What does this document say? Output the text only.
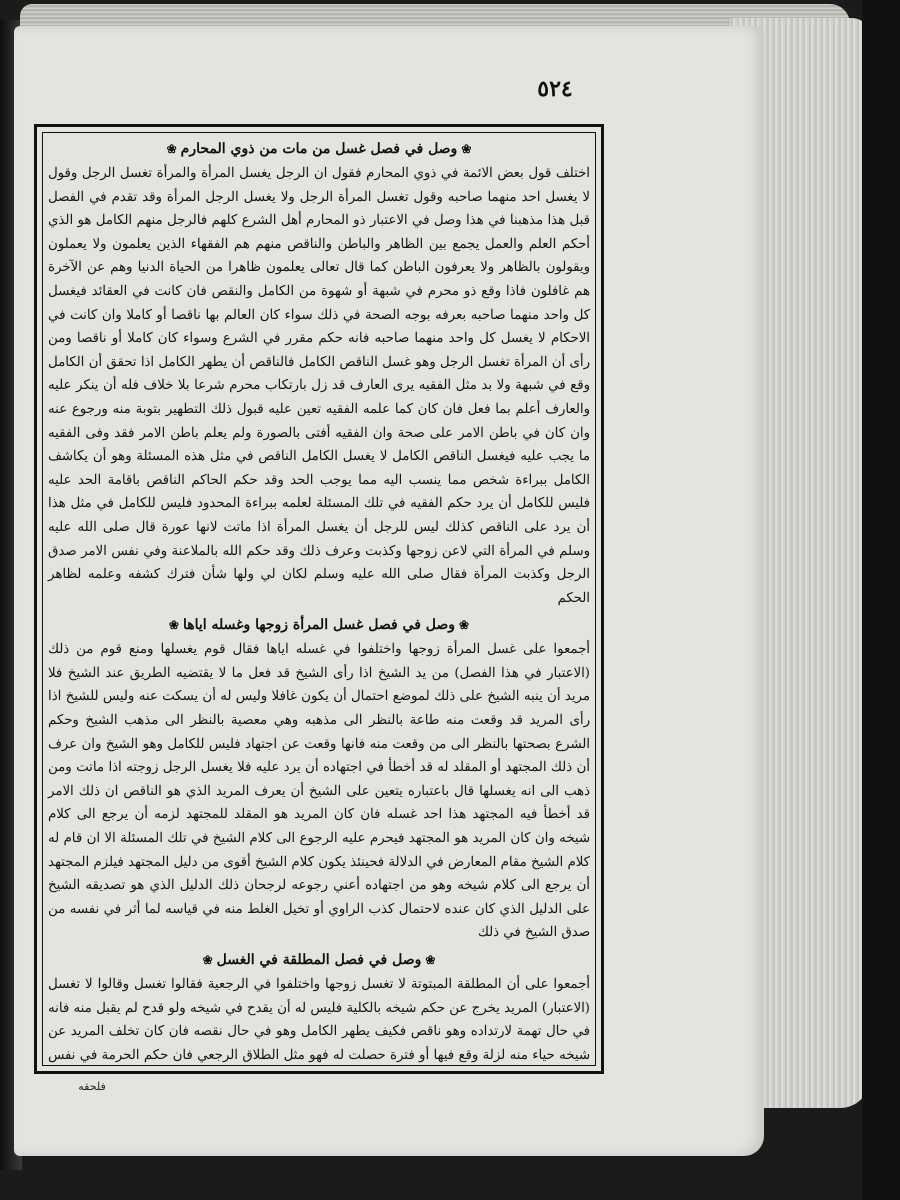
٥٢٤
❀وصل في فصل غسل من مات من ذوي المحارم❀

اختلف قول بعض الائمة في ذوي المحارم فقول ان الرجل يغسل المرأة والمرأة تغسل الرجل وقول لا يغسل احد منهما صاحبه وقول تغسل المرأة الرجل ولا يغسل الرجل المرأة وقد تقدم في الفصل قبل هذا مذهبنا في هذا وصل في الاعتبار ذو المحارم أهل الشرع كلهم فالرجل منهم الكامل هو الذي أحكم العلم والعمل يجمع بين الظاهر والباطن والناقص منهم هم الفقهاء الذين يعلمون ولا يعملون ويقولون بالظاهر ولا يعرفون الباطن كما قال تعالى يعلمون ظاهرا من الحياة الدنيا وهم عن الآخرة هم غافلون فاذا وقع ذو محرم في شبهة أو شهوة من الكامل والنقص فان كانت في العقائد فيغسل كل واحد منهما صاحبه بعرفه بوجه الصحة في ذلك سواء كان العالم بها ناقصا أو كاملا وان كانت في الاحكام لا يغسل كل واحد منهما صاحبه فانه حكم مقرر في الشرع وسواء كان كاملا أو ناقصا ومن رأى أن المرأة تغسل الرجل وهو غسل الناقص الكامل فالناقص أن يطهر الكامل اذا تحقق أن الكامل وقع في شبهة ولا بد مثل الفقيه يرى العارف قد زل بارتكاب محرم شرعا بلا خلاف فله أن ينكر عليه والعارف أعلم بما فعل فان كان كما علمه الفقيه تعين عليه قبول ذلك التطهير بتوبة منه ورجوع عنه وان كان في باطن الامر على صحة وان الفقيه أفتى بالصورة ولم يعلم باطن الامر فقد وفى الفقيه ما يجب عليه فيغسل الناقص الكامل لا يغسل الكامل الناقص في مثل هذه المسئلة وهو أن يكاشف الكامل ببراءة شخص مما ينسب اليه مما يوجب الحد وقد حكم الحاكم الناقص باقامة الحد عليه فليس للكامل أن يرد حكم الفقيه في تلك المسئلة لعلمه ببراءة المحدود فليس للكامل في مثل هذا أن يرد على الناقص كذلك ليس للرجل أن يغسل المرأة اذا ماتت لانها عورة قال صلى الله عليه وسلم في المرأة التي لاعن زوجها وكذبت وعرف ذلك وقد حكم الله بالملاعنة وفي نفس الامر صدق الرجل وكذبت المرأة فقال صلى الله عليه وسلم لكان لي ولها شأن فترك كشفه وعلمه لظاهر الحكم

❀وصل في فصل غسل المرأة زوجها وغسله اياها❀

أجمعوا على غسل المرأة زوجها واختلفوا في غسله اياها فقال قوم يغسلها ومنع قوم من ذلك (الاعتبار في هذا الفصل) من يد الشيخ اذا رأى الشيخ قد فعل ما لا يقتضيه الطريق عند الشيخ فلا مريد أن ينبه الشيخ على ذلك لموضع احتمال أن يكون غافلا وليس له أن يسكت عنه وليس للشيخ اذا رأى المريد قد وقعت منه طاعة بالنظر الى مذهبه وهي معصية بالنظر الى مذهب الشيخ وحكم الشرع بصحتها بالنظر الى من وقعت منه فانها وقعت عن اجتهاد فليس للكامل وهو الشيخ وان عرف أن ذلك المجتهد أو المقلد له قد أخطأ في اجتهاده أن يرد عليه فلا يغسل الرجل زوجته اذا ماتت ومن ذهب الى انه يغسلها قال باعتباره يتعين على الشيخ أن يعرف المريد الذي هو الناقص ان ذلك الامر قد أخطأ فيه المجتهد هذا احد غسله فان كان المريد هو المقلد للمجتهد لزمه أن يرجع الى كلام شيخه وان كان المريد هو المجتهد فيحرم عليه الرجوع الى كلام الشيخ في تلك المسئلة الا ان قام له كلام الشيخ مقام المعارض في الدلالة فحينئذ يكون كلام الشيخ أقوى من دليل المجتهد فيلزم المجتهد أن يرجع الى كلام شيخه وهو من اجتهاده أعني رجوعه لرجحان ذلك الدليل الذي هو تصديقه الشيخ على الدليل الذي كان عنده لاحتمال كذب الراوي أو تخيل الغلط منه في قياسه لما أثر في نفسه من صدق الشيخ في ذلك

❀وصل في فصل المطلقة في الغسل❀

أجمعوا على أن المطلقة المبتوتة لا تغسل زوجها واختلفوا في الرجعية فقالوا تغسل وقالوا لا تغسل (الاعتبار) المريد يخرج عن حكم شيخه بالكلية فليس له أن يقدح في شيخه ولو قدح لم يقبل منه فانه في حال تهمة لارتداده وهو ناقص فكيف يطهر الكامل وهو في حال نقصه فان كان تخلف المريد عن شيخه حياء منه لزلة وقع فيها أو فترة حصلت له فهو مثل الطلاق الرجعي فان حكم الحرمة في نفس

فلحقه
